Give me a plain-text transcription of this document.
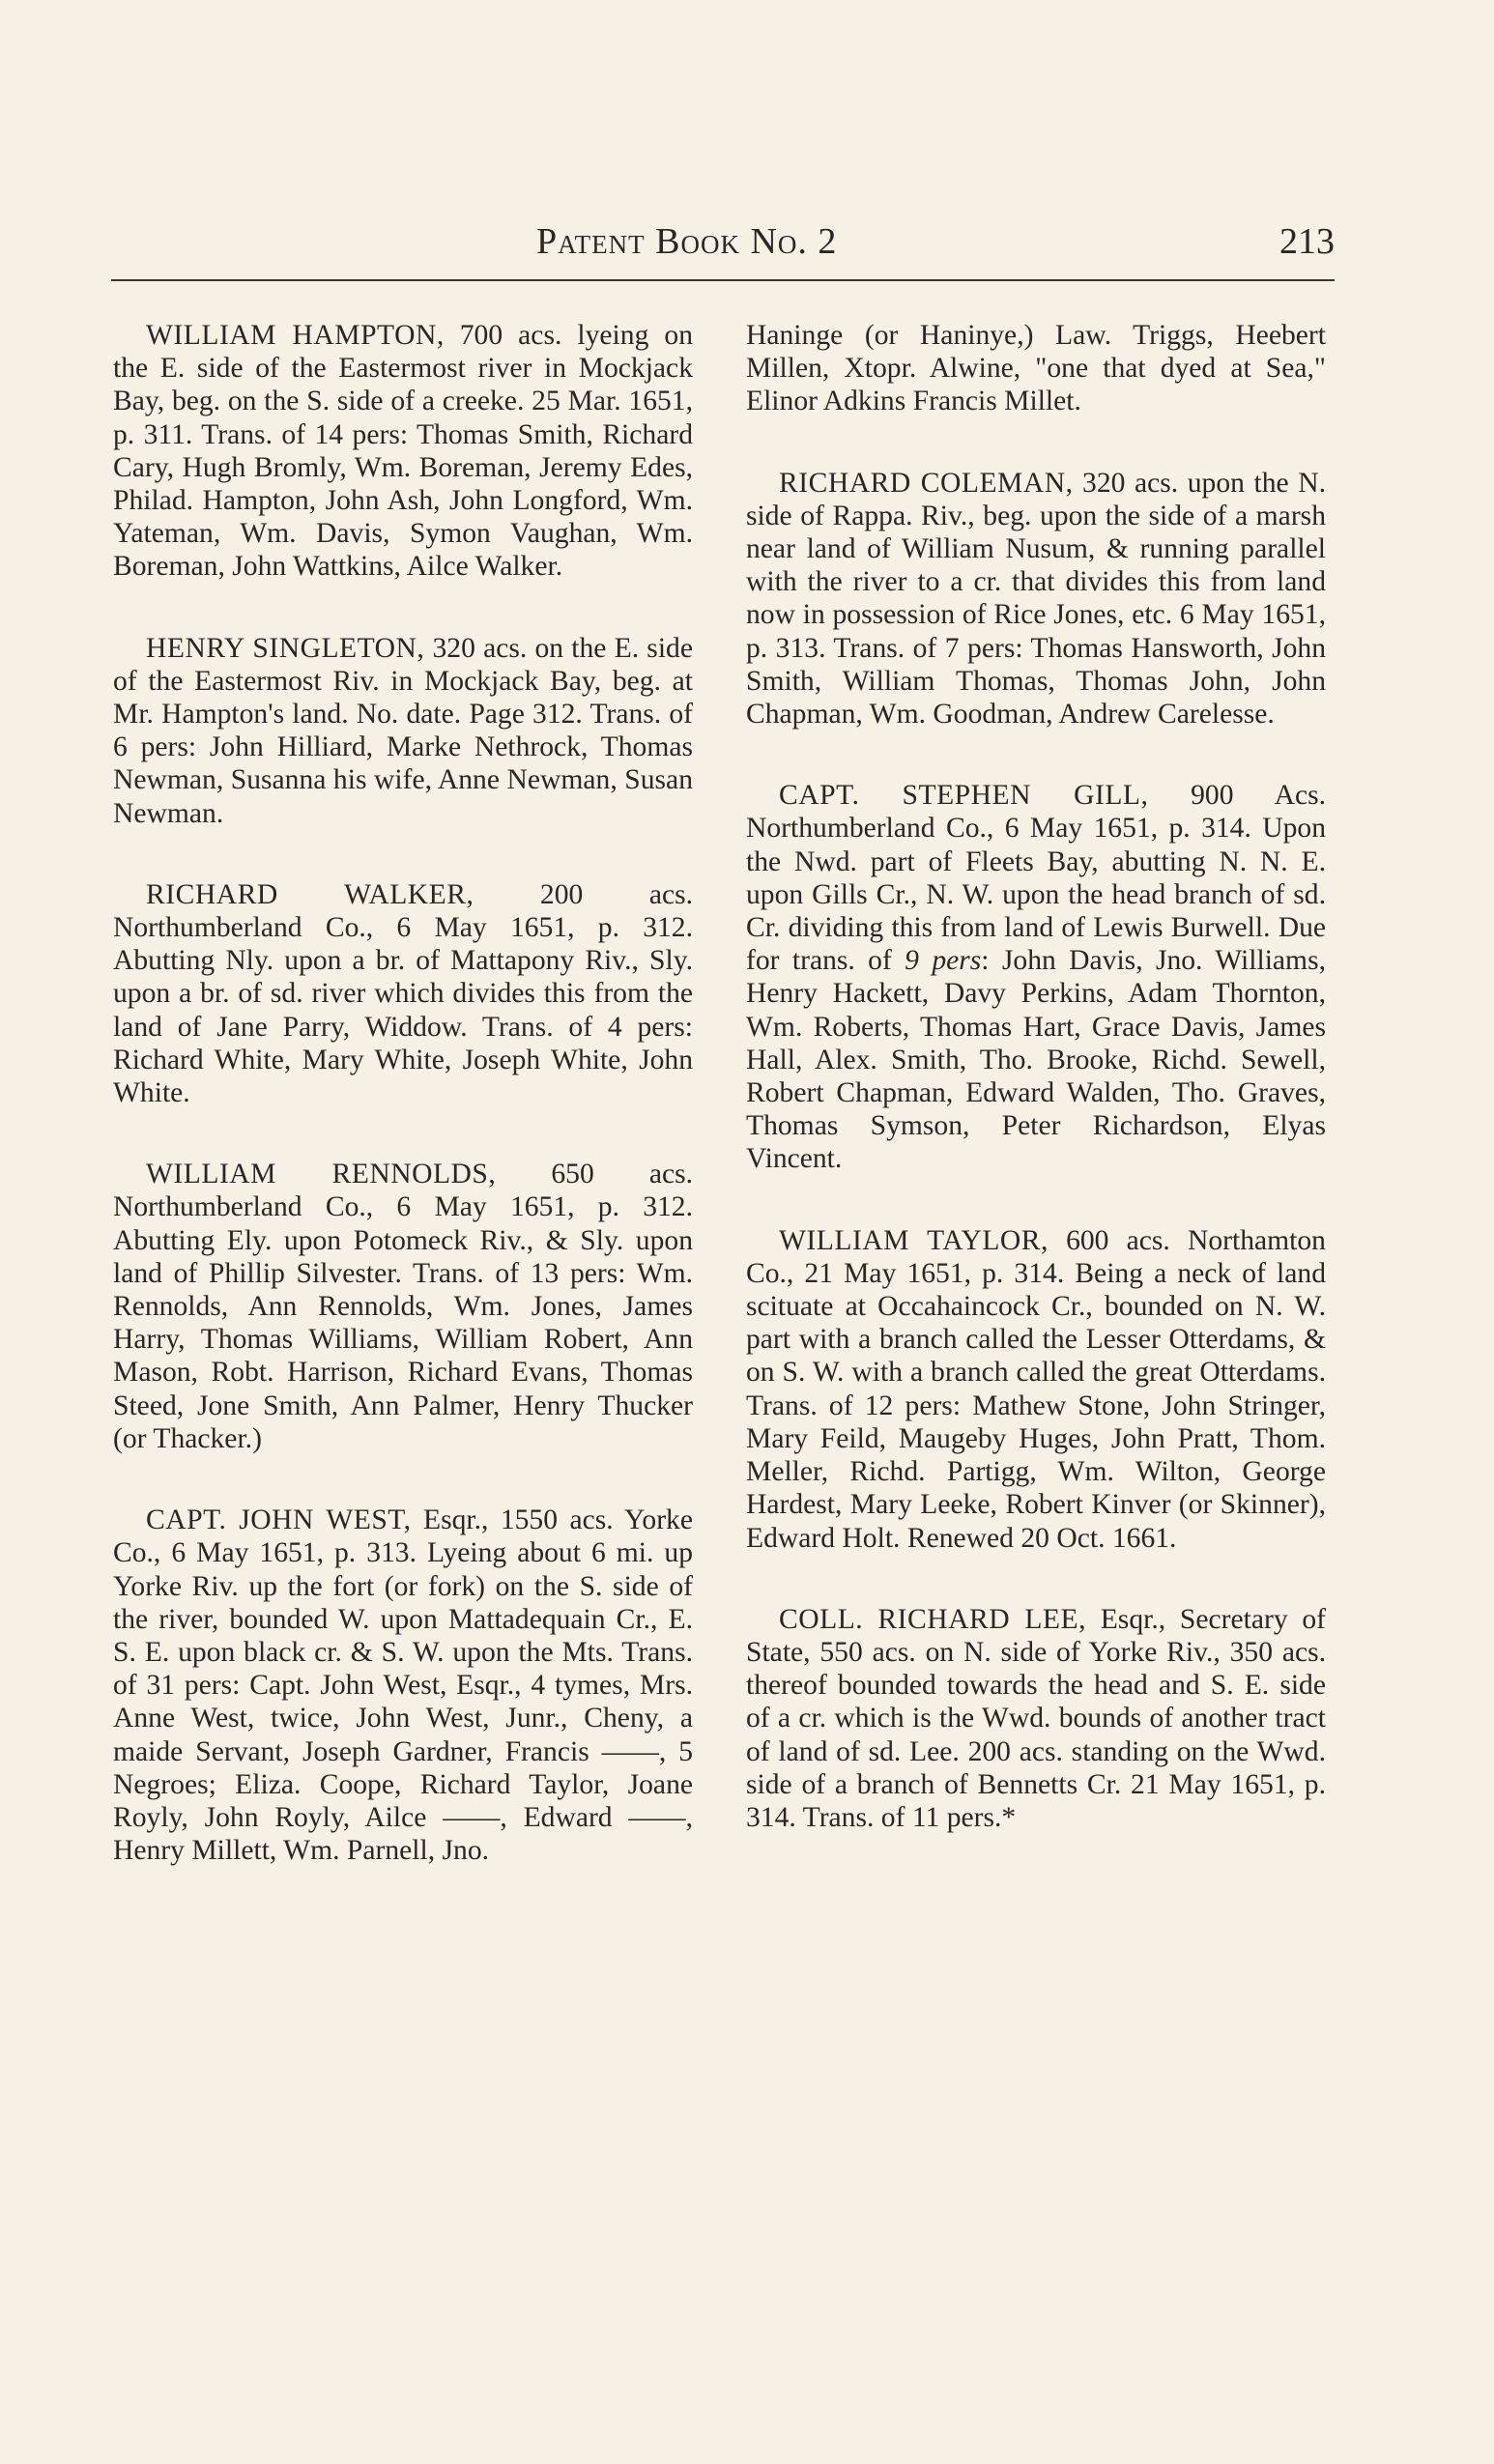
Patent Book No. 2	213

WILLIAM HAMPTON, 700 acs. lyeing on the E. side of the Eastermost river in Mockjack Bay, beg. on the S. side of a creeke. 25 Mar. 1651, p. 311. Trans. of 14 pers: Thomas Smith, Richard Cary, Hugh Bromly, Wm. Boreman, Jeremy Edes, Philad. Hampton, John Ash, John Longford, Wm. Yateman, Wm. Davis, Symon Vaughan, Wm. Boreman, John Wattkins, Ailce Walker.

HENRY SINGLETON, 320 acs. on the E. side of the Eastermost Riv. in Mockjack Bay, beg. at Mr. Hampton's land. No. date. Page 312. Trans. of 6 pers: John Hilliard, Marke Nethrock, Thomas Newman, Susanna his wife, Anne Newman, Susan Newman.

RICHARD WALKER, 200 acs. Northumberland Co., 6 May 1651, p. 312. Abutting Nly. upon a br. of Mattapony Riv., Sly. upon a br. of sd. river which divides this from the land of Jane Parry, Widdow. Trans. of 4 pers: Richard White, Mary White, Joseph White, John White.

WILLIAM RENNOLDS, 650 acs. Northumberland Co., 6 May 1651, p. 312. Abutting Ely. upon Potomeck Riv., & Sly. upon land of Phillip Silvester. Trans. of 13 pers: Wm. Rennolds, Ann Rennolds, Wm. Jones, James Harry, Thomas Williams, William Robert, Ann Mason, Robt. Harrison, Richard Evans, Thomas Steed, Jone Smith, Ann Palmer, Henry Thucker (or Thacker.)

CAPT. JOHN WEST, Esqr., 1550 acs. Yorke Co., 6 May 1651, p. 313. Lyeing about 6 mi. up Yorke Riv. up the fort (or fork) on the S. side of the river, bounded W. upon Mattadequain Cr., E. S. E. upon black cr. & S. W. upon the Mts. Trans. of 31 pers: Capt. John West, Esqr., 4 tymes, Mrs. Anne West, twice, John West, Junr., Cheny, a maide Servant, Joseph Gardner, Francis ——, 5 Negroes; Eliza. Coope, Richard Taylor, Joane Royly, John Royly, Ailce ——, Edward ——, Henry Millett, Wm. Parnell, Jno.

Haninge (or Haninye,) Law. Triggs, Heebert Millen, Xtopr. Alwine, "one that dyed at Sea," Elinor Adkins Francis Millet.

RICHARD COLEMAN, 320 acs. upon the N. side of Rappa. Riv., beg. upon the side of a marsh near land of William Nusum, & running parallel with the river to a cr. that divides this from land now in possession of Rice Jones, etc. 6 May 1651, p. 313. Trans. of 7 pers: Thomas Hansworth, John Smith, William Thomas, Thomas John, John Chapman, Wm. Goodman, Andrew Carelesse.

CAPT. STEPHEN GILL, 900 Acs. Northumberland Co., 6 May 1651, p. 314. Upon the Nwd. part of Fleets Bay, abutting N. N. E. upon Gills Cr., N. W. upon the head branch of sd. Cr. dividing this from land of Lewis Burwell. Due for trans. of 9 pers: John Davis, Jno. Williams, Henry Hackett, Davy Perkins, Adam Thornton, Wm. Roberts, Thomas Hart, Grace Davis, James Hall, Alex. Smith, Tho. Brooke, Richd. Sewell, Robert Chapman, Edward Walden, Tho. Graves, Thomas Symson, Peter Richardson, Elyas Vincent.

WILLIAM TAYLOR, 600 acs. Northamton Co., 21 May 1651, p. 314. Being a neck of land scituate at Occahaincock Cr., bounded on N. W. part with a branch called the Lesser Otterdams, & on S. W. with a branch called the great Otterdams. Trans. of 12 pers: Mathew Stone, John Stringer, Mary Feild, Maugeby Huges, John Pratt, Thom. Meller, Richd. Partigg, Wm. Wilton, George Hardest, Mary Leeke, Robert Kinver (or Skinner), Edward Holt. Renewed 20 Oct. 1661.

COLL. RICHARD LEE, Esqr., Secretary of State, 550 acs. on N. side of Yorke Riv., 350 acs. thereof bounded towards the head and S. E. side of a cr. which is the Wwd. bounds of another tract of land of sd. Lee. 200 acs. standing on the Wwd. side of a branch of Bennetts Cr. 21 May 1651, p. 314. Trans. of 11 pers.*
